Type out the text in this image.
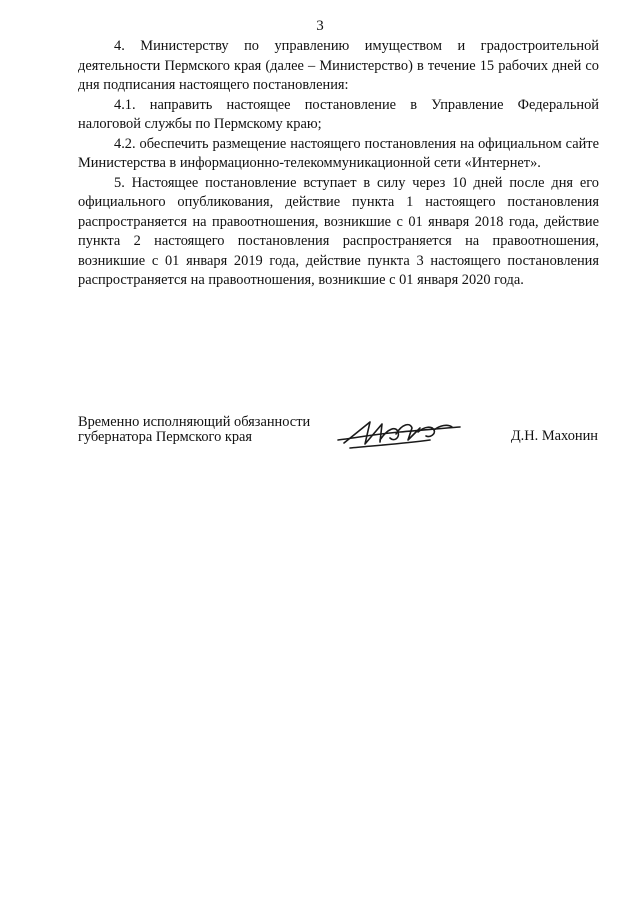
3

4. Министерству по управлению имуществом и градостроительной деятельности Пермского края (далее – Министерство) в течение 15 рабочих дней со дня подписания настоящего постановления:

4.1. направить настоящее постановление в Управление Федеральной налоговой службы по Пермскому краю;

4.2. обеспечить размещение настоящего постановления на официальном сайте Министерства в информационно-телекоммуникационной сети «Интернет».

5. Настоящее постановление вступает в силу через 10 дней после дня его официального опубликования, действие пункта 1 настоящего постановления распространяется на правоотношения, возникшие с 01 января 2018 года, действие пункта 2 настоящего постановления распространяется на правоотношения, возникшие с 01 января 2019 года, действие пункта 3 настоящего постановления распространяется на правоотношения, возникшие с 01 января 2020 года.

Временно исполняющий обязанности
губернатора Пермского края	Д.Н. Махонин
